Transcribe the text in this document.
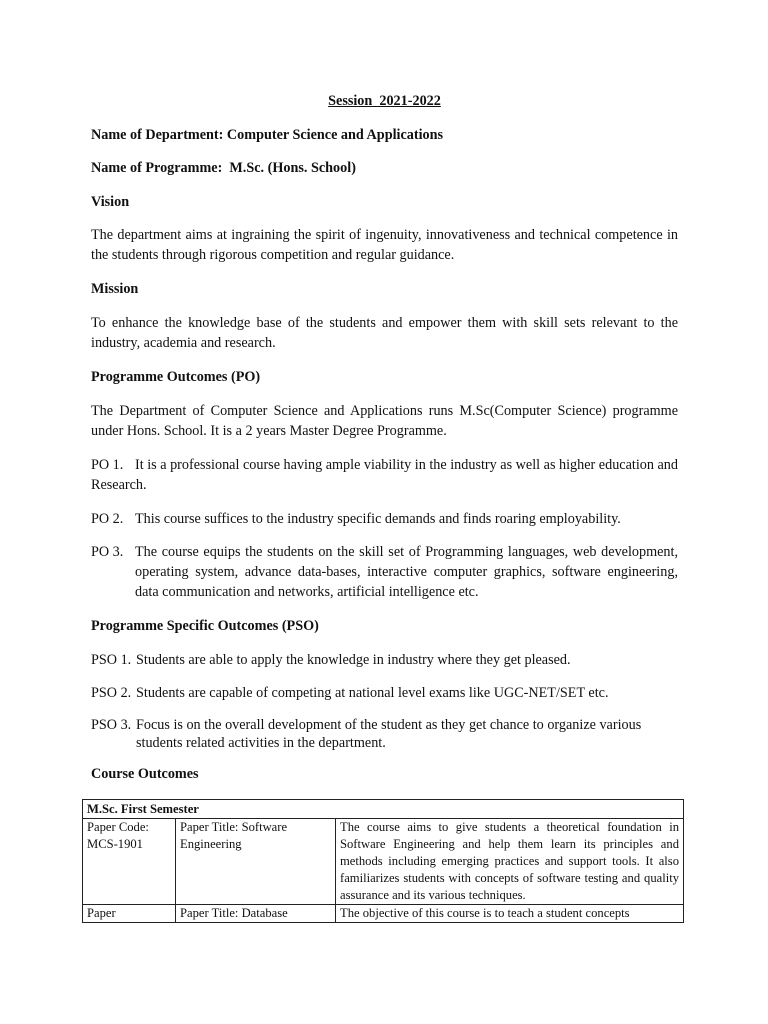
Session  2021-2022
Name of Department: Computer Science and Applications
Name of Programme:  M.Sc. (Hons. School)
Vision
The department aims at ingraining the spirit of ingenuity, innovativeness and technical competence in the students through rigorous competition and regular guidance.
Mission
To enhance the knowledge base of the students and empower them with skill sets relevant to the industry, academia and research.
Programme Outcomes (PO)
The Department of Computer Science and Applications runs M.Sc(Computer Science) programme under Hons. School. It is a 2 years Master Degree Programme.
PO 1. It is a professional course having ample viability in the industry as well as higher education and Research.
PO 2. This course suffices to the industry specific demands and finds roaring employability.
PO 3. The course equips the students on the skill set of Programming languages, web development, operating system, advance data-bases, interactive computer graphics, software engineering, data communication and networks, artificial intelligence etc.
Programme Specific Outcomes (PSO)
PSO 1. Students are able to apply the knowledge in industry where they get pleased.
PSO 2. Students are capable of competing at national level exams like UGC-NET/SET etc.
PSO 3. Focus is on the overall development of the student as they get chance to organize various students related activities in the department.
Course Outcomes
M.Sc. First Semester		
Paper Code: MCS-1901	Paper Title: Software Engineering	The course aims to give students a theoretical foundation in Software Engineering and help them learn its principles and methods including emerging practices and support tools. It also familiarizes students with concepts of software testing and quality assurance and its various techniques.
Paper	Paper Title: Database	The objective of this course is to teach a student concepts
